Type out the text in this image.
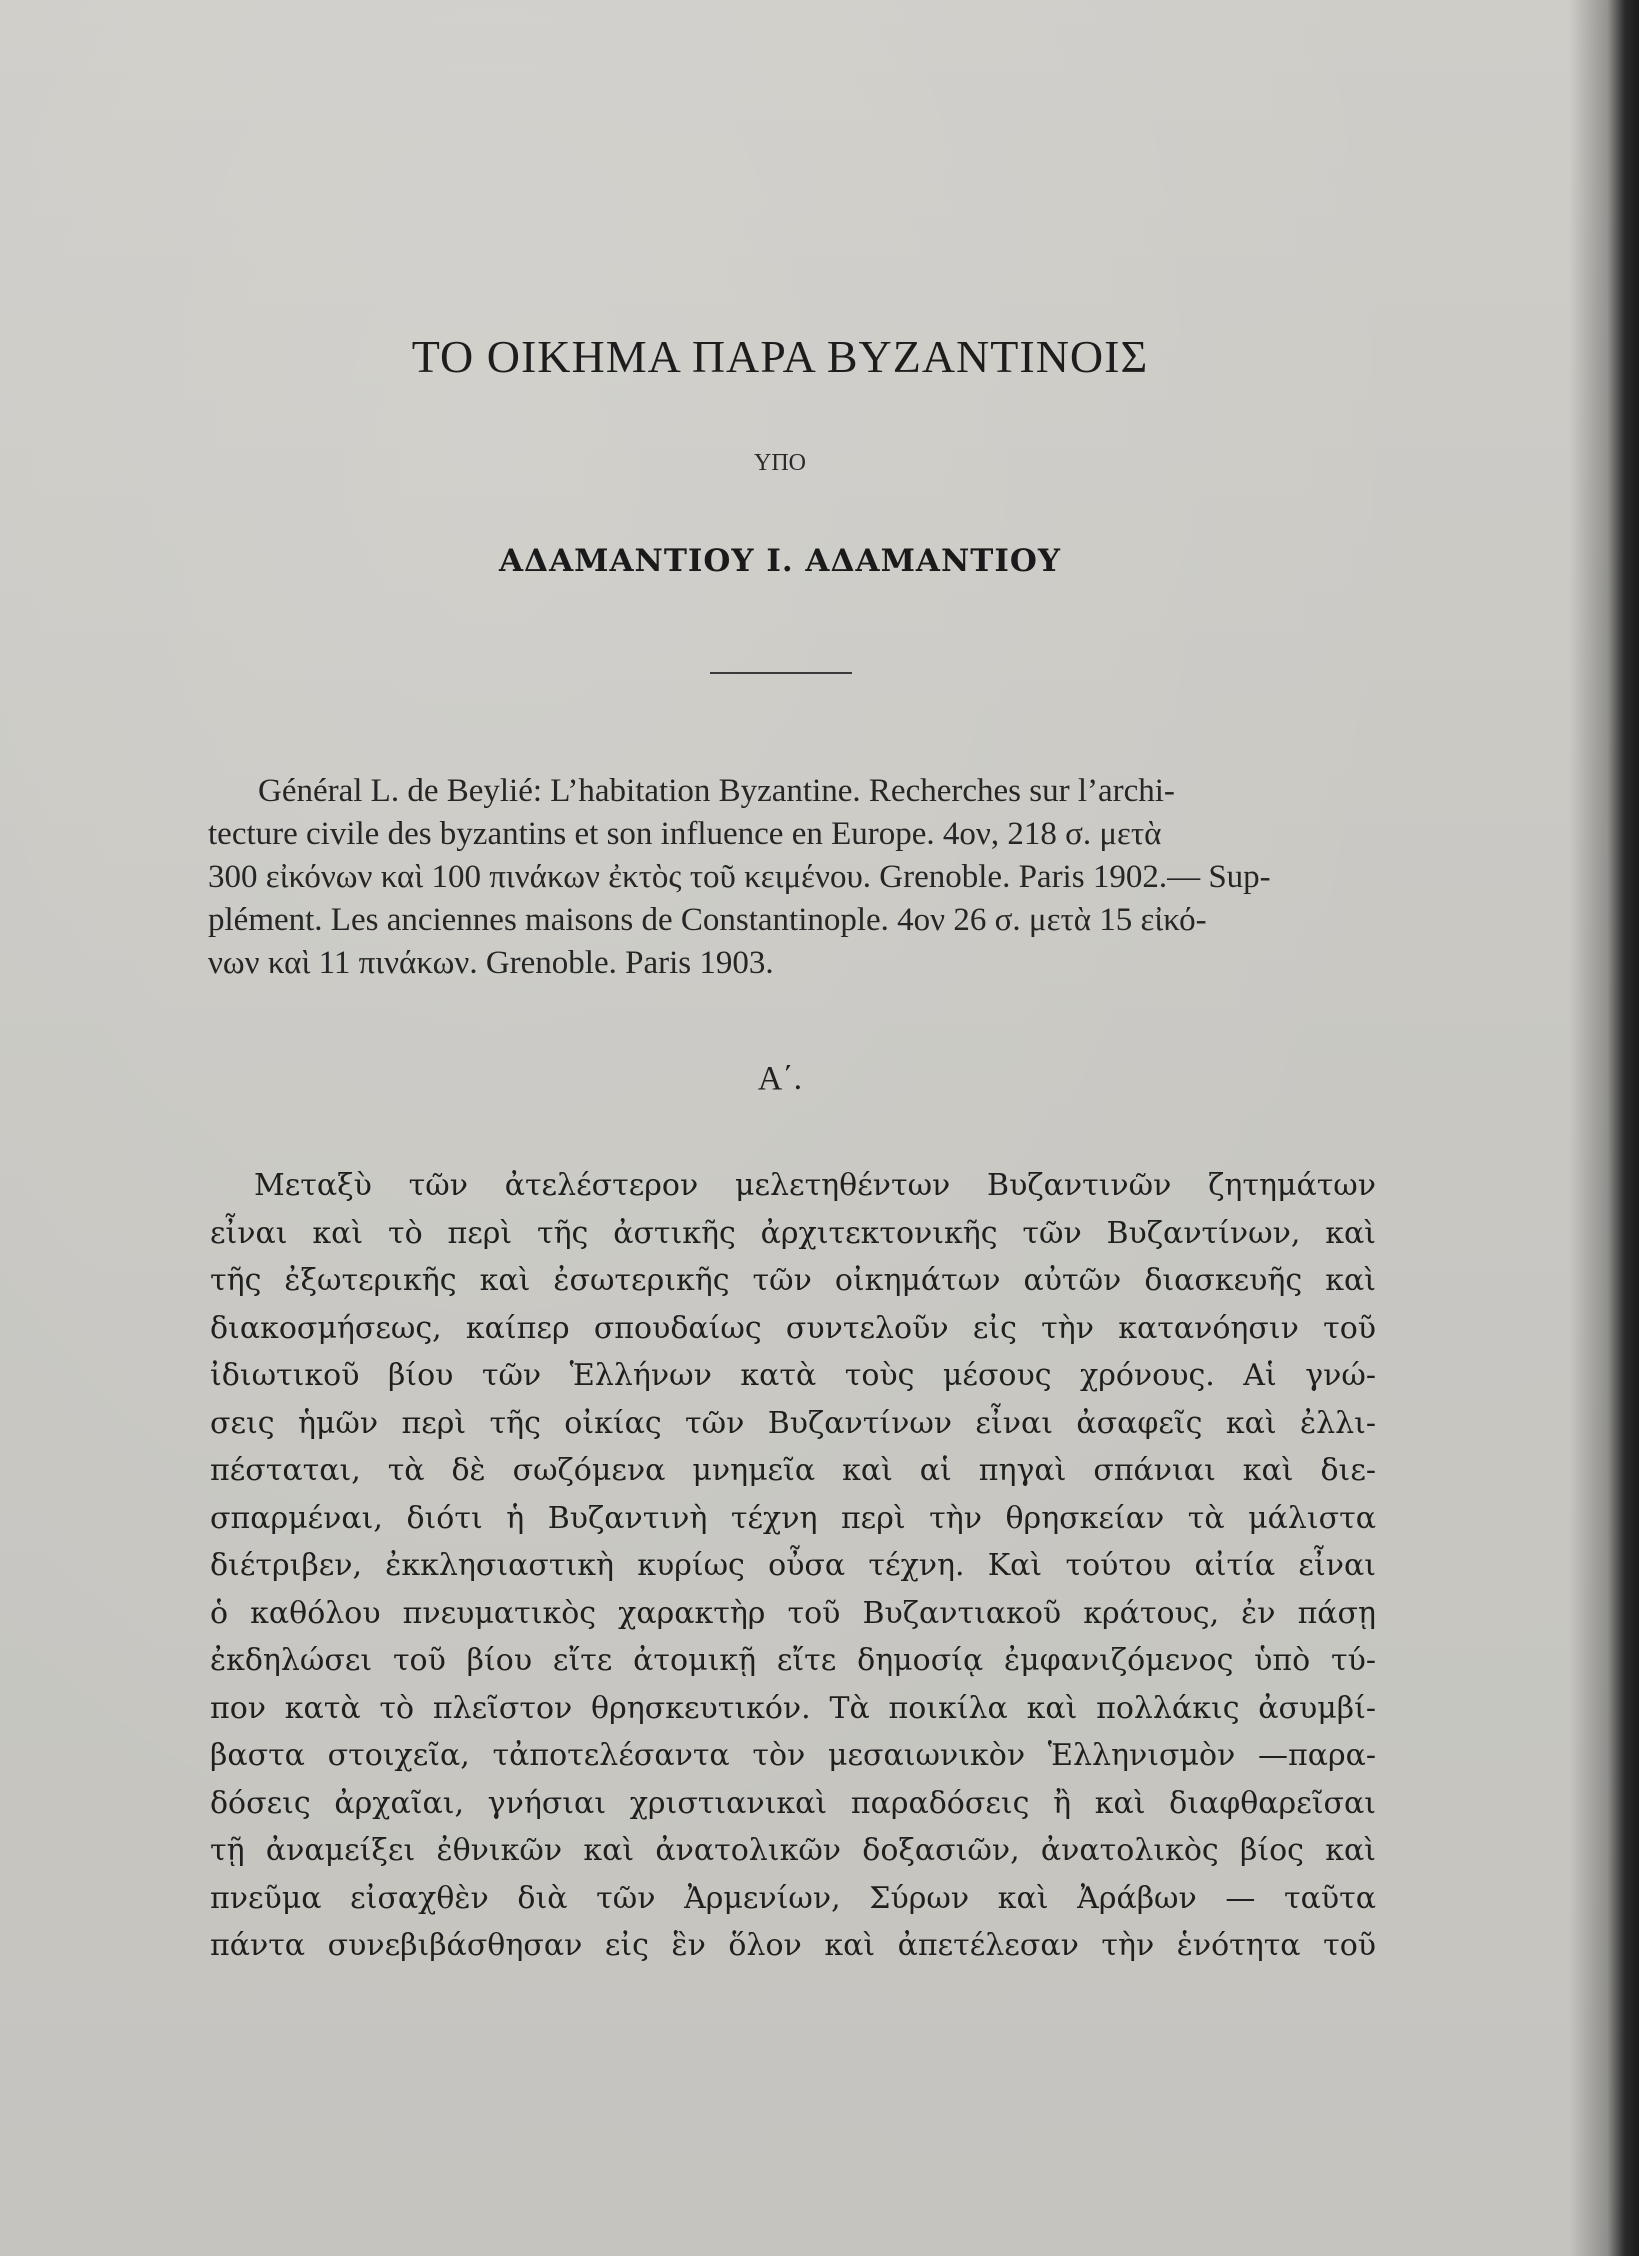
ΤΟ ΟΙΚΗΜΑ ΠΑΡΑ ΒΥΖΑΝΤΙΝΟΙΣ
ΥΠΟ
ΑΔΑΜΑΝΤΙΟΥ Ι. ΑΔΑΜΑΝΤΙΟΥ
Général L. de Beylié: L’habitation Byzantine. Recherches sur l’archi-
tecture civile des byzantins et son influence en Europe. 4ον, 218 σ. μετὰ
300 εἰκόνων καὶ 100 πινάκων ἐκτὸς τοῦ κειμένου. Grenoble. Paris 1902.— Sup-
plément. Les anciennes maisons de Constantinople. 4ον 26 σ. μετὰ 15 εἰκό-
νων καὶ 11 πινάκων. Grenoble. Paris 1903.
Α΄.
Μεταξὺ τῶν ἀτελέστερον μελετηθέντων Βυζαντινῶν ζητημάτων
εἶναι καὶ τὸ περὶ τῆς ἀστικῆς ἀρχιτεκτονικῆς τῶν Βυζαντίνων, καὶ
τῆς ἐξωτερικῆς καὶ ἐσωτερικῆς τῶν οἰκημάτων αὐτῶν διασκευῆς καὶ
διακοσμήσεως, καίπερ σπουδαίως συντελοῦν εἰς τὴν κατανόησιν τοῦ
ἰδιωτικοῦ βίου τῶν Ἑλλήνων κατὰ τοὺς μέσους χρόνους. Αἱ γνώ-
σεις ἡμῶν περὶ τῆς οἰκίας τῶν Βυζαντίνων εἶναι ἀσαφεῖς καὶ ἐλλι-
πέσταται, τὰ δὲ σωζόμενα μνημεῖα καὶ αἱ πηγαὶ σπάνιαι καὶ διε-
σπαρμέναι, διότι ἡ Βυζαντινὴ τέχνη περὶ τὴν θρησκείαν τὰ μάλιστα
διέτριβεν, ἐκκλησιαστικὴ κυρίως οὖσα τέχνη. Καὶ τούτου αἰτία εἶναι
ὁ καθόλου πνευματικὸς χαρακτὴρ τοῦ Βυζαντιακοῦ κράτους, ἐν πάσῃ
ἐκδηλώσει τοῦ βίου εἴτε ἀτομικῇ εἴτε δημοσίᾳ ἐμφανιζόμενος ὑπὸ τύ-
πον κατὰ τὸ πλεῖστον θρησκευτικόν. Τὰ ποικίλα καὶ πολλάκις ἀσυμβί-
βαστα στοιχεῖα, τἀποτελέσαντα τὸν μεσαιωνικὸν Ἑλληνισμὸν —παρα-
δόσεις ἀρχαῖαι, γνήσιαι χριστιανικαὶ παραδόσεις ἢ καὶ διαφθαρεῖσαι
τῇ ἀναμείξει ἐθνικῶν καὶ ἀνατολικῶν δοξασιῶν, ἀνατολικὸς βίος καὶ
πνεῦμα εἰσαχθὲν διὰ τῶν Ἀρμενίων, Σύρων καὶ Ἀράβων — ταῦτα
πάντα συνεβιβάσθησαν εἰς ἓν ὅλον καὶ ἀπετέλεσαν τὴν ἑνότητα τοῦ
